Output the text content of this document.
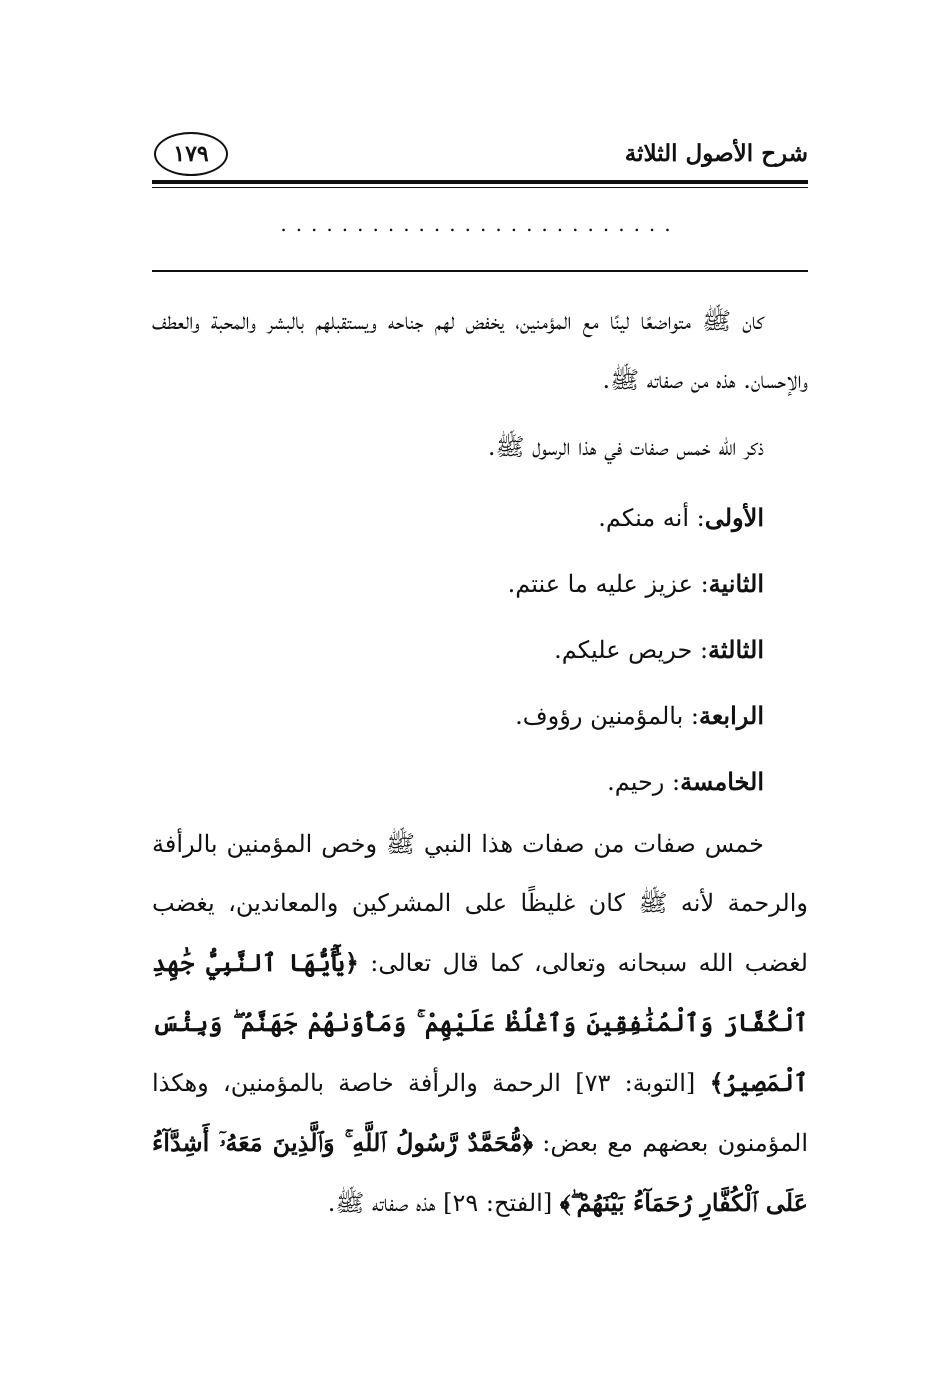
شرح الأصول الثلاثة
١٧٩
..........................

كان ﷺ متواضعًا لينًا مع المؤمنين، يخفض لهم جناحه ويستقبلهم بالبشر والمحبة والعطف والإحسان. هذه من صفاته ﷺ.

ذكر الله خمس صفات في هذا الرسول ﷺ.

الأولى: أنه منكم.

الثانية: عزيز عليه ما عنتم.

الثالثة: حريص عليكم.

الرابعة: بالمؤمنين رؤوف.

الخامسة: رحيم.

خمس صفات من صفات هذا النبي ﷺ وخص المؤمنين بالرأفة والرحمة لأنه ﷺ كان غليظًا على المشركين والمعاندين، يغضب لغضب الله سبحانه وتعالى، كما قال تعالى: ﴿يَٰٓأَيُّهَا ٱلنَّبِيُّ جَٰهِدِ ٱلْكُفَّارَ وَٱلْمُنَٰفِقِينَ وَٱغْلُظْ عَلَيْهِمْ ۚ وَمَأْوَىٰهُمْ جَهَنَّمُ ۖ وَبِئْسَ ٱلْمَصِيرُ﴾ [التوبة: ٧٣] الرحمة والرأفة خاصة بالمؤمنين، وهكذا المؤمنون بعضهم مع بعض: ﴿مُّحَمَّدٌ رَّسُولُ ٱللَّهِ ۚ وَٱلَّذِينَ مَعَهُۥٓ أَشِدَّآءُ عَلَى ٱلْكُفَّارِ رُحَمَآءُ بَيْنَهُمْ ۖ﴾ [الفتح: ٢٩] هذه صفاته ﷺ.
